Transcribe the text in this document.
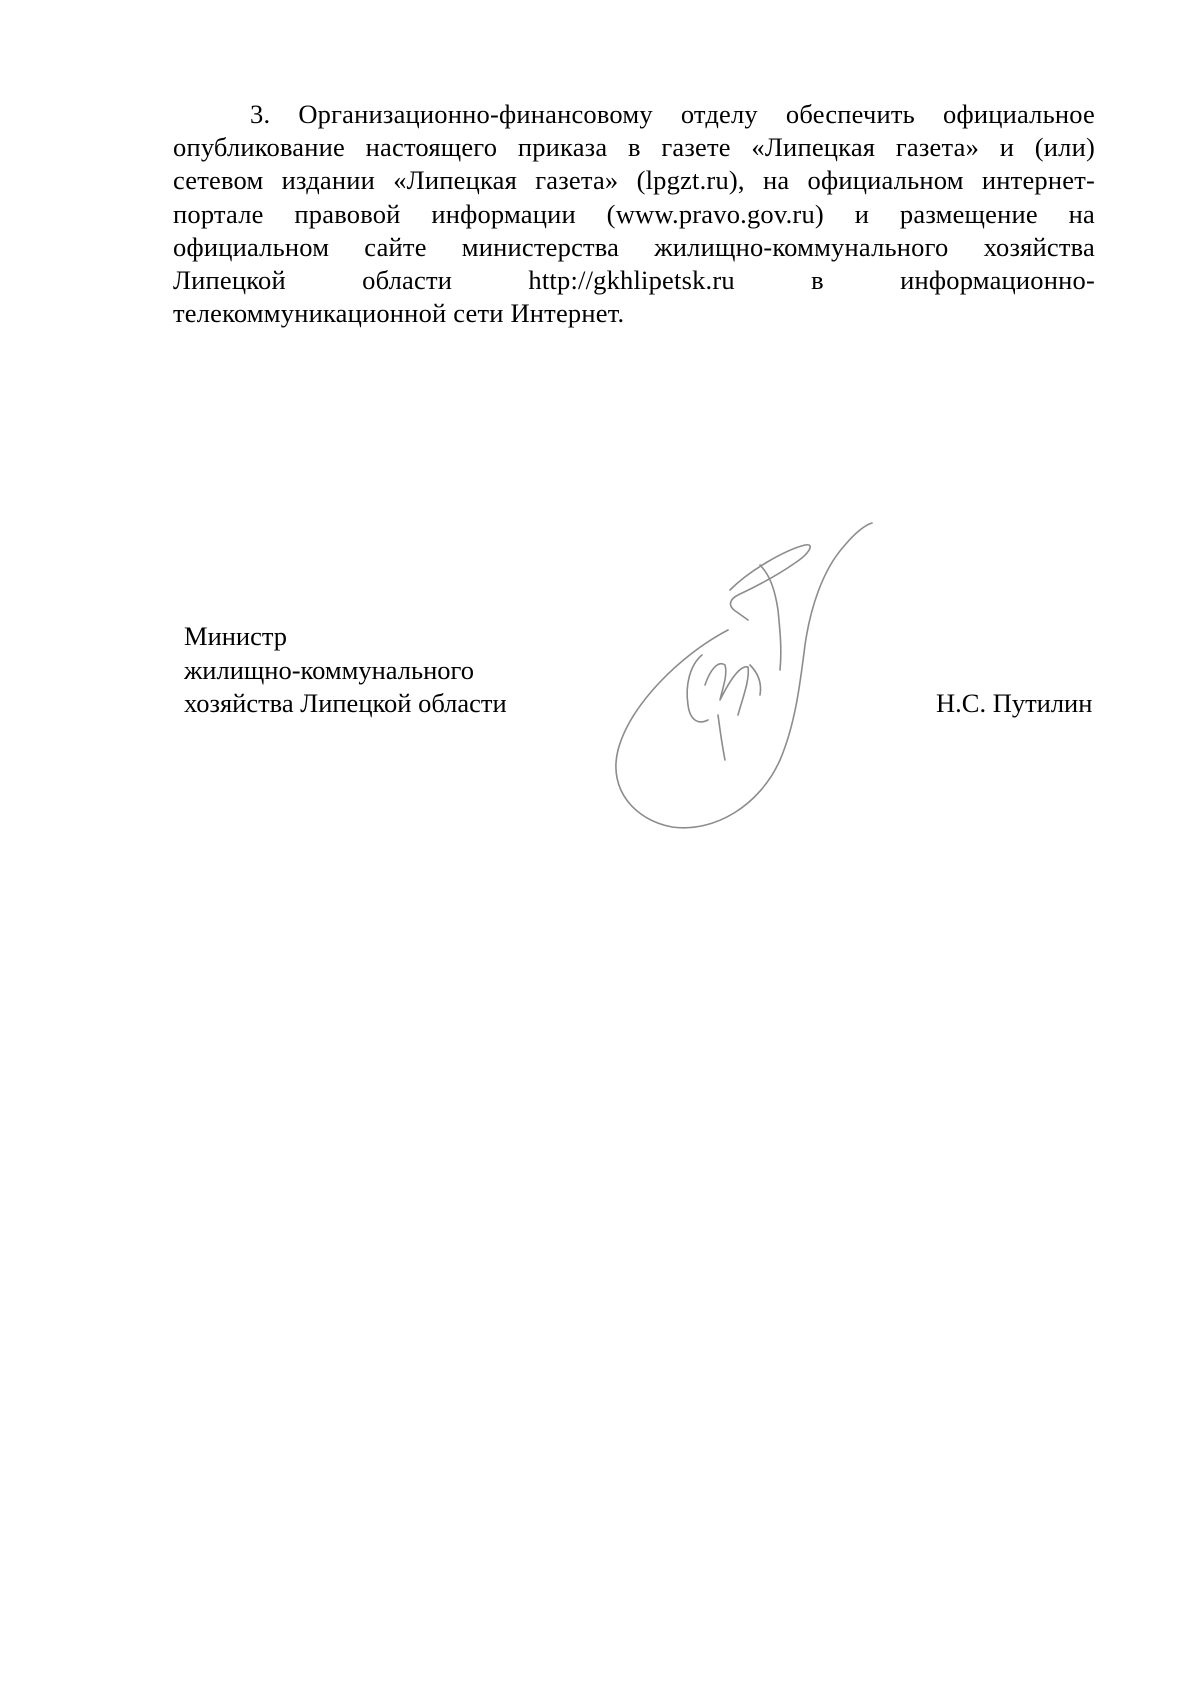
3. Организационно-финансовому отделу обеспечить официальное
опубликование настоящего приказа в газете «Липецкая газета» и (или)
сетевом издании «Липецкая газета» (lpgzt.ru), на официальном интернет-
портале правовой информации (www.pravo.gov.ru) и размещение на
официальном сайте министерства жилищно-коммунального хозяйства
Липецкой области http://gkhlipetsk.ru в информационно-
телекоммуникационной сети Интернет.

Министр
жилищно-коммунального
хозяйства Липецкой области	Н.С. Путилин
